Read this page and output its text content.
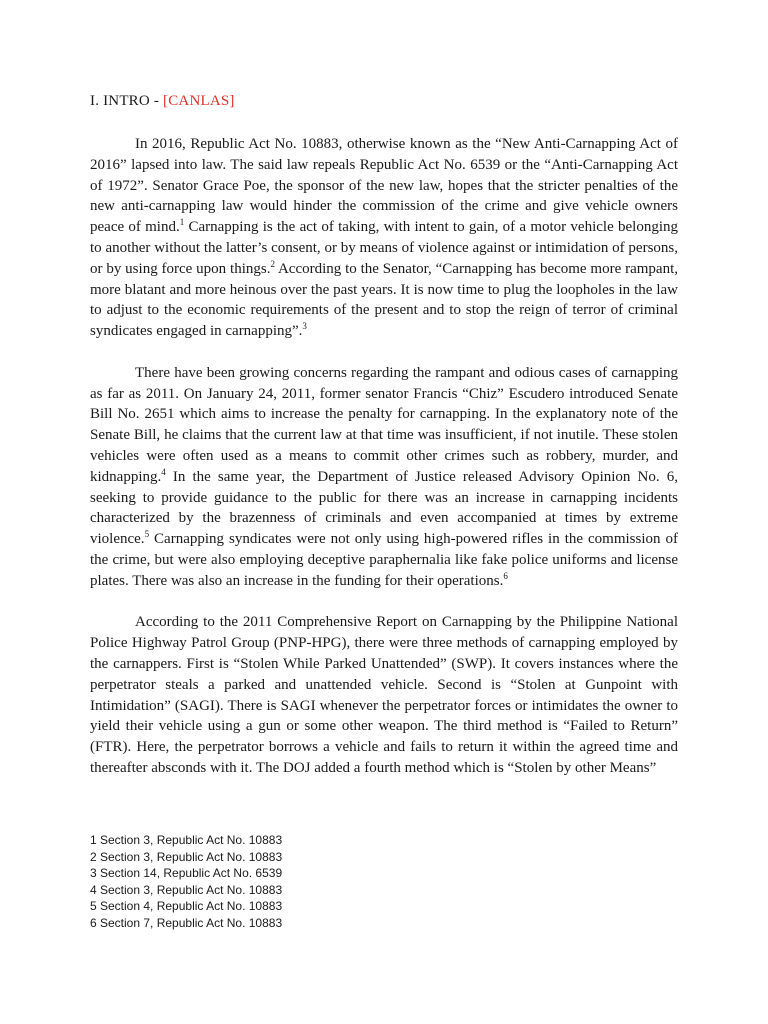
I. INTRO - [CANLAS]

In 2016, Republic Act No. 10883, otherwise known as the “New Anti-Carnapping Act of 2016” lapsed into law. The said law repeals Republic Act No. 6539 or the “Anti-Carnapping Act of 1972”. Senator Grace Poe, the sponsor of the new law, hopes that the stricter penalties of the new anti-carnapping law would hinder the commission of the crime and give vehicle owners peace of mind.$^1$ Carnapping is the act of taking, with intent to gain, of a motor vehicle belonging to another without the latter’s consent, or by means of violence against or intimidation of persons, or by using force upon things.$^2$ According to the Senator, “Carnapping has become more rampant, more blatant and more heinous over the past years. It is now time to plug the loopholes in the law to adjust to the economic requirements of the present and to stop the reign of terror of criminal syndicates engaged in carnapping”.$^3$

There have been growing concerns regarding the rampant and odious cases of carnapping as far as 2011. On January 24, 2011, former senator Francis “Chiz” Escudero introduced Senate Bill No. 2651 which aims to increase the penalty for carnapping. In the explanatory note of the Senate Bill, he claims that the current law at that time was insufficient, if not inutile. These stolen vehicles were often used as a means to commit other crimes such as robbery, murder, and kidnapping.$^4$ In the same year, the Department of Justice released Advisory Opinion No. 6, seeking to provide guidance to the public for there was an increase in carnapping incidents characterized by the brazenness of criminals and even accompanied at times by extreme violence.$^5$ Carnapping syndicates were not only using high-powered rifles in the commission of the crime, but were also employing deceptive paraphernalia like fake police uniforms and license plates. There was also an increase in the funding for their operations.$^6$

According to the 2011 Comprehensive Report on Carnapping by the Philippine National Police Highway Patrol Group (PNP-HPG), there were three methods of carnapping employed by the carnappers. First is “Stolen While Parked Unattended” (SWP). It covers instances where the perpetrator steals a parked and unattended vehicle. Second is “Stolen at Gunpoint with Intimidation” (SAGI). There is SAGI whenever the perpetrator forces or intimidates the owner to yield their vehicle using a gun or some other weapon. The third method is “Failed to Return” (FTR). Here, the perpetrator borrows a vehicle and fails to return it within the agreed time and thereafter absconds with it. The DOJ added a fourth method which is “Stolen by other Means”

1 Section 3, Republic Act No. 10883
2 Section 3, Republic Act No. 10883
3 Section 14, Republic Act No. 6539
4 Section 3, Republic Act No. 10883
5 Section 4, Republic Act No. 10883
6 Section 7, Republic Act No. 10883
